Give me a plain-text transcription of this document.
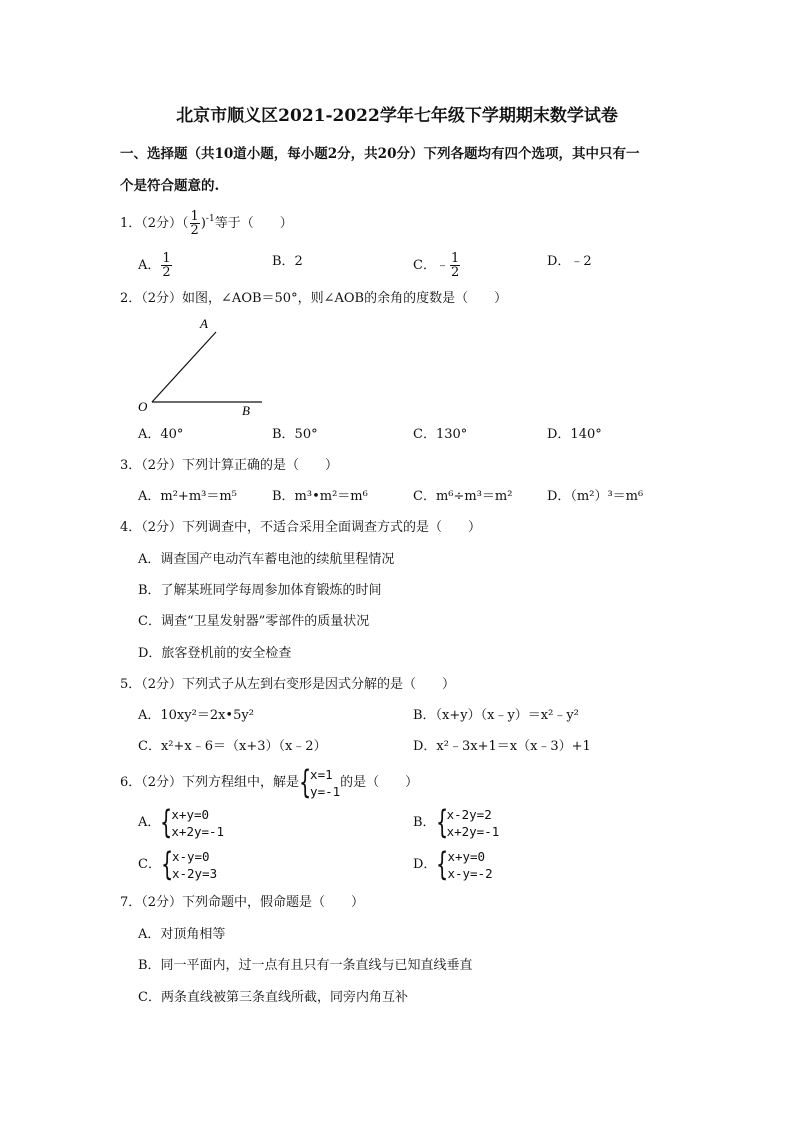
北京市顺义区2021-2022学年七年级下学期期末数学试卷
一、选择题（共10道小题，每小题2分，共20分）下列各题均有四个选项，其中只有一
个是符合题意的.
1．（2分）（ $\frac{1}{2} )^{-1}$等于（　　）
A． $\frac{1}{2}$	B．2	C．﹣ $\frac{1}{2}$	D．﹣2
2．（2分）如图，∠AOB＝50°，则∠AOB的余角的度数是（　　）
A
O	B
A．40°	B．50°	C．130°	D．140°
3．（2分）下列计算正确的是（　　）
A．m²+m³＝m⁵	B．m³•m²＝m⁶	C．m⁶÷m³＝m²	D．（m²）³＝m⁶
4．（2分）下列调查中，不适合采用全面调查方式的是（　　）
A．调查国产电动汽车蓄电池的续航里程情况
B．了解某班同学每周参加体育锻炼的时间
C．调查“卫星发射器”零部件的质量状况
D．旅客登机前的安全检查
5．（2分）下列式子从左到右变形是因式分解的是（　　）
A．10xy²＝2x•5y²	B．（x+y）（x﹣y）＝x²﹣y²
C．x²+x﹣6＝（x+3）（x﹣2）	D．x²﹣3x+1＝x（x﹣3）+1
6．（2分）下列方程组中，解是 {
x=1
y=-1
的是（　　）
A． {
x+y=0
x+2y=-1
B． {
x-2y=2
x+2y=-1
C． {
x-y=0
x-2y=3
D． {
x+y=0
x-y=-2
7．（2分）下列命题中，假命题是（　　）
A．对顶角相等
B．同一平面内，过一点有且只有一条直线与已知直线垂直
C．两条直线被第三条直线所截，同旁内角互补
